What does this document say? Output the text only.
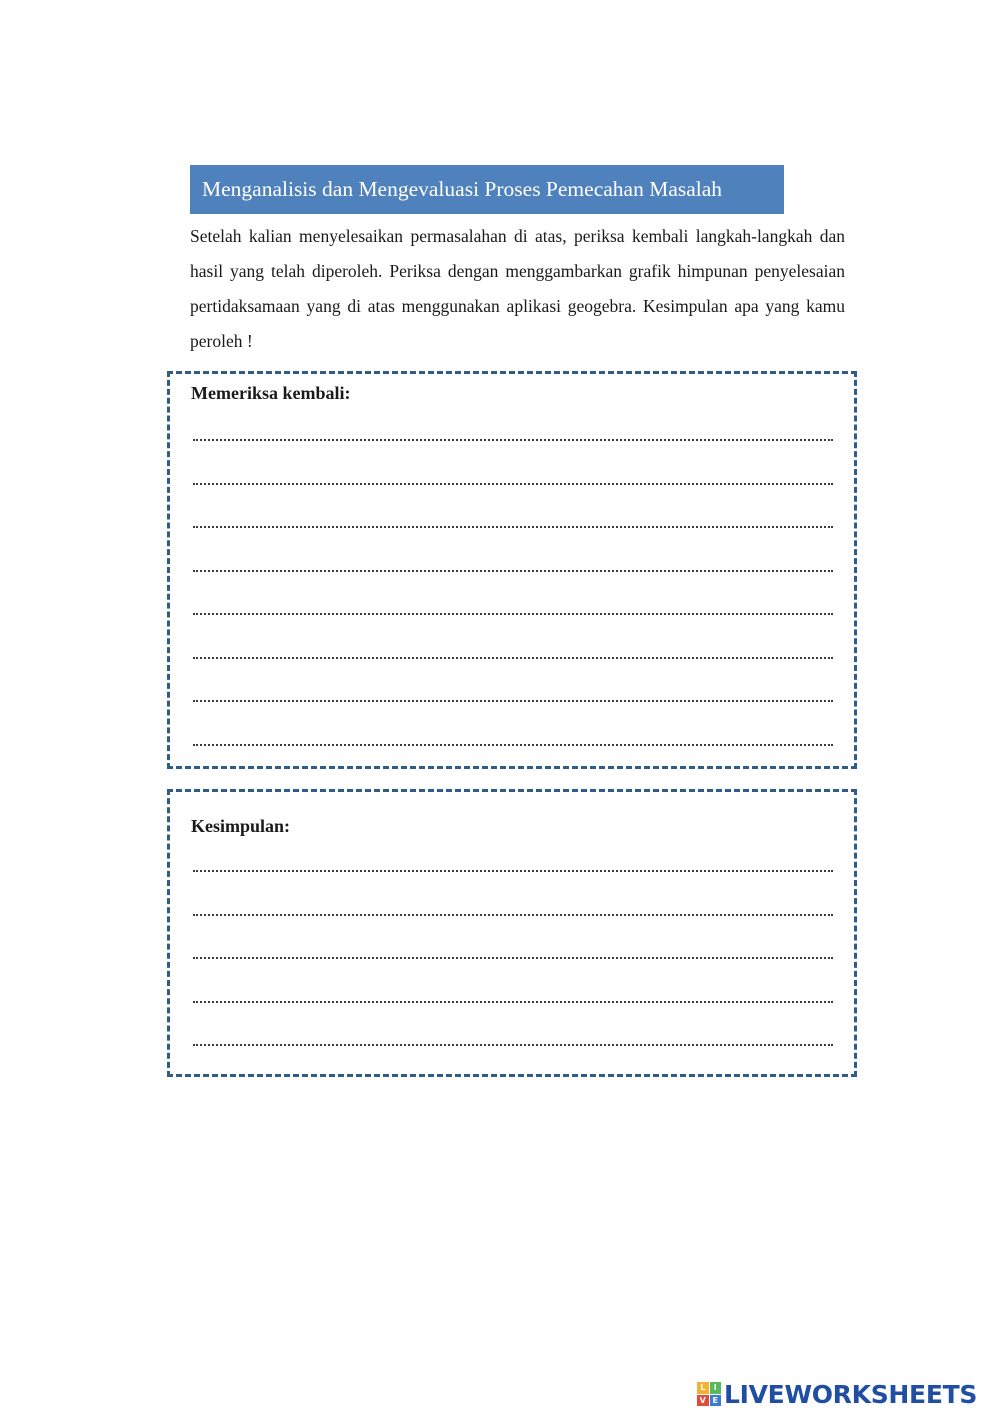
Menganalisis dan Mengevaluasi Proses Pemecahan Masalah
Setelah kalian menyelesaikan permasalahan di atas, periksa kembali langkah-langkah dan hasil yang telah diperoleh. Periksa dengan menggambarkan grafik himpunan penyelesaian pertidaksamaan yang di atas menggunakan aplikasi geogebra. Kesimpulan apa yang kamu peroleh !
Memeriksa kembali:
Kesimpulan:
L	I
V E LIVEWORKSHEETS
